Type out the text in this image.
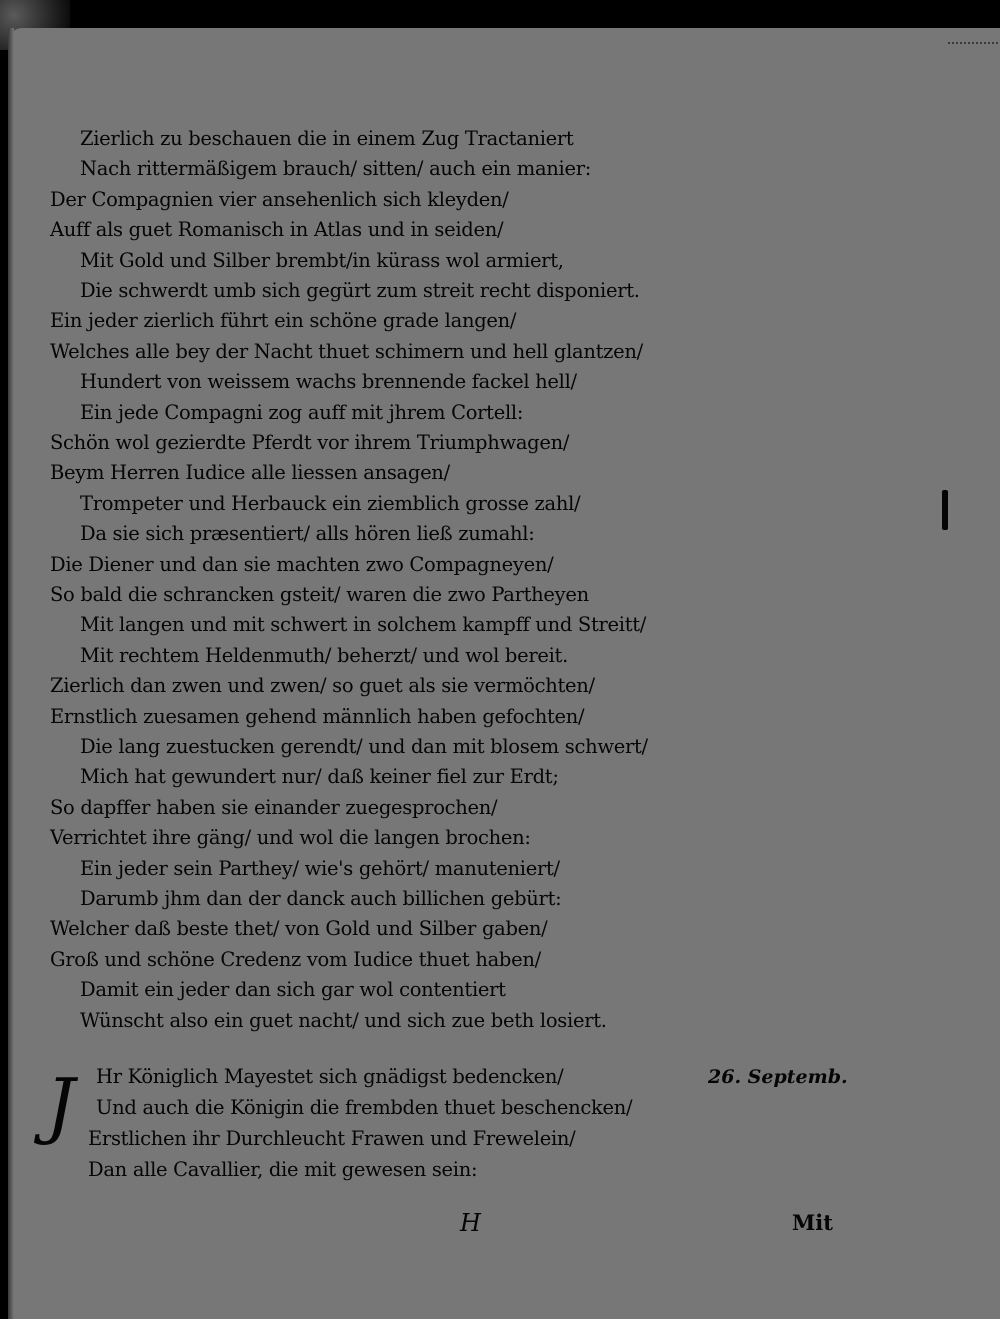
Zierlich zu beschauen die in einem Zug Tractaniert
Nach rittermäßigem brauch/ sitten/ auch ein manier:
Der Compagnien vier ansehenlich sich kleyden/
Auff als guet Romanisch in Atlas und in seiden/
Mit Gold und Silber brembt/in kürass wol armiert,
Die schwerdt umb sich gegürt zum streit recht disponiert.
Ein jeder zierlich führt ein schöne grade langen/
Welches alle bey der Nacht thuet schimern und hell glantzen/
Hundert von weissem wachs brennende fackel hell/
Ein jede Compagni zog auff mit jhrem Cortell:
Schön wol gezierdte Pferdt vor ihrem Triumphwagen/
Beym Herren Iudice alle liessen ansagen/
Trompeter und Herbauck ein ziemblich grosse zahl/
Da sie sich præsentiert/ alls hören ließ zumahl:
Die Diener und dan sie machten zwo Compagneyen/
So bald die schrancken gsteit/ waren die zwo Partheyen
Mit langen und mit schwert in solchem kampff und Streitt/
Mit rechtem Heldenmuth/ beherzt/ und wol bereit.
Zierlich dan zwen und zwen/ so guet als sie vermöchten/
Ernstlich zuesamen gehend männlich haben gefochten/
Die lang zuestucken gerendt/ und dan mit blosem schwert/
Mich hat gewundert nur/ daß keiner fiel zur Erdt;
So dapffer haben sie einander zuegesprochen/
Verrichtet ihre gäng/ und wol die langen brochen:
Ein jeder sein Parthey/ wie's gehört/ manuteniert/
Darumb jhm dan der danck auch billichen gebürt:
Welcher daß beste thet/ von Gold und Silber gaben/
Groß und schöne Credenz vom Iudice thuet haben/
Damit ein jeder dan sich gar wol contentiert
Wünscht also ein guet nacht/ und sich zue beth losiert.
J	26. Septemb.
Hr Königlich Mayestet sich gnädigst bedencken/
Und auch die Königin die frembden thuet beschencken/
Erstlichen ihr Durchleucht Frawen und Frewelein/
Dan alle Cavallier, die mit gewesen sein:
H	Mit
